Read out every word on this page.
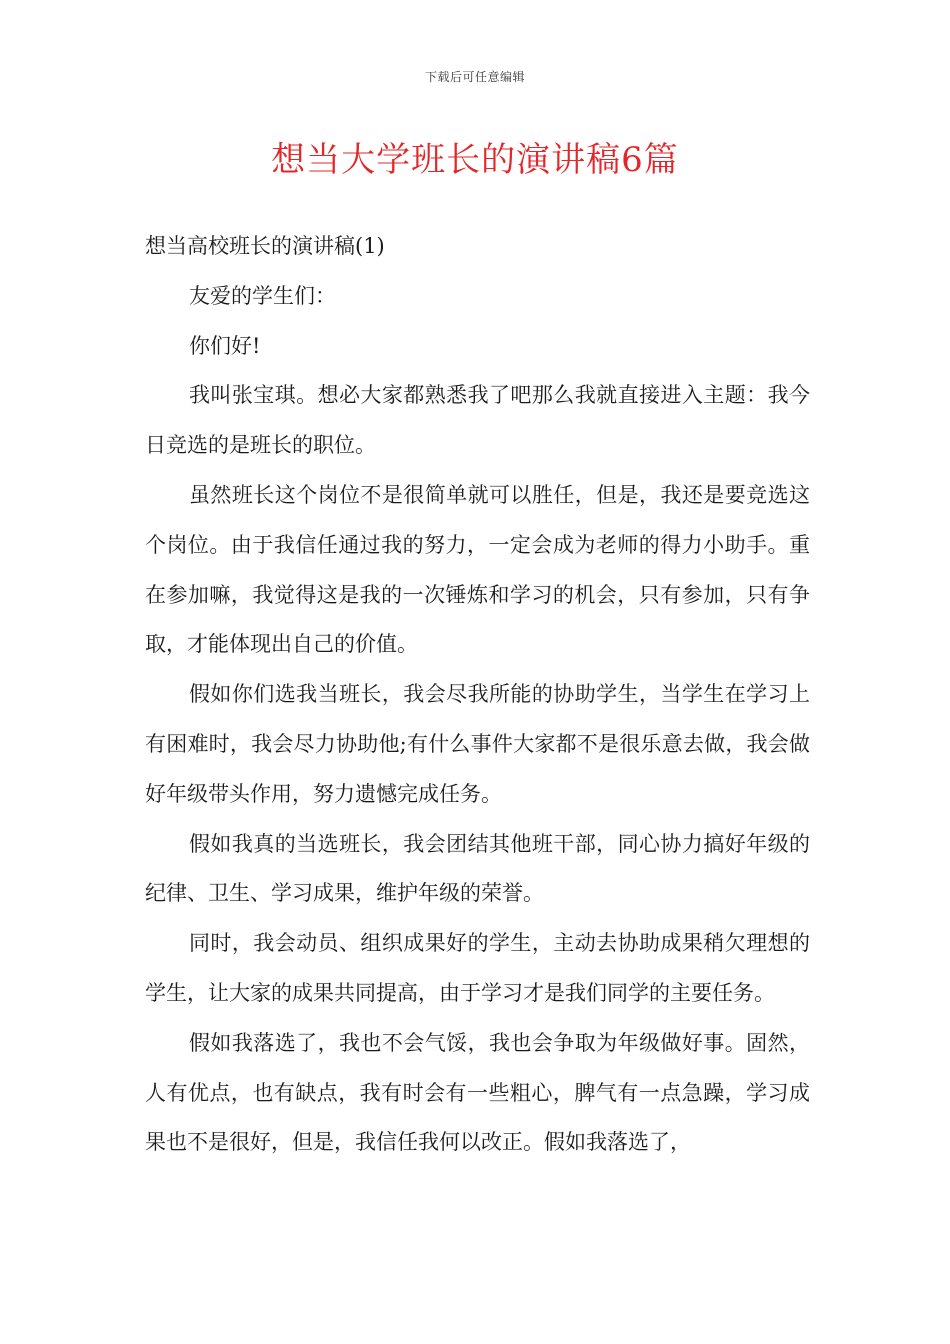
下载后可任意编辑
想当大学班长的演讲稿6篇

想当高校班长的演讲稿(1)

友爱的学生们：

你们好!

我叫张宝琪。想必大家都熟悉我了吧那么我就直接进入主题：我今日竞选的是班长的职位。

虽然班长这个岗位不是很简单就可以胜任，但是，我还是要竞选这个岗位。由于我信任通过我的努力，一定会成为老师的得力小助手。重在参加嘛，我觉得这是我的一次锤炼和学习的机会，只有参加，只有争取，才能体现出自己的价值。

假如你们选我当班长，我会尽我所能的协助学生，当学生在学习上有困难时，我会尽力协助他;有什么事件大家都不是很乐意去做，我会做好年级带头作用，努力遗憾完成任务。

假如我真的当选班长，我会团结其他班干部，同心协力搞好年级的纪律、卫生、学习成果，维护年级的荣誉。

同时，我会动员、组织成果好的学生，主动去协助成果稍欠理想的学生，让大家的成果共同提高，由于学习才是我们同学的主要任务。

假如我落选了，我也不会气馁，我也会争取为年级做好事。固然，人有优点，也有缺点，我有时会有一些粗心，脾气有一点急躁，学习成果也不是很好，但是，我信任我何以改正。假如我落选了，
